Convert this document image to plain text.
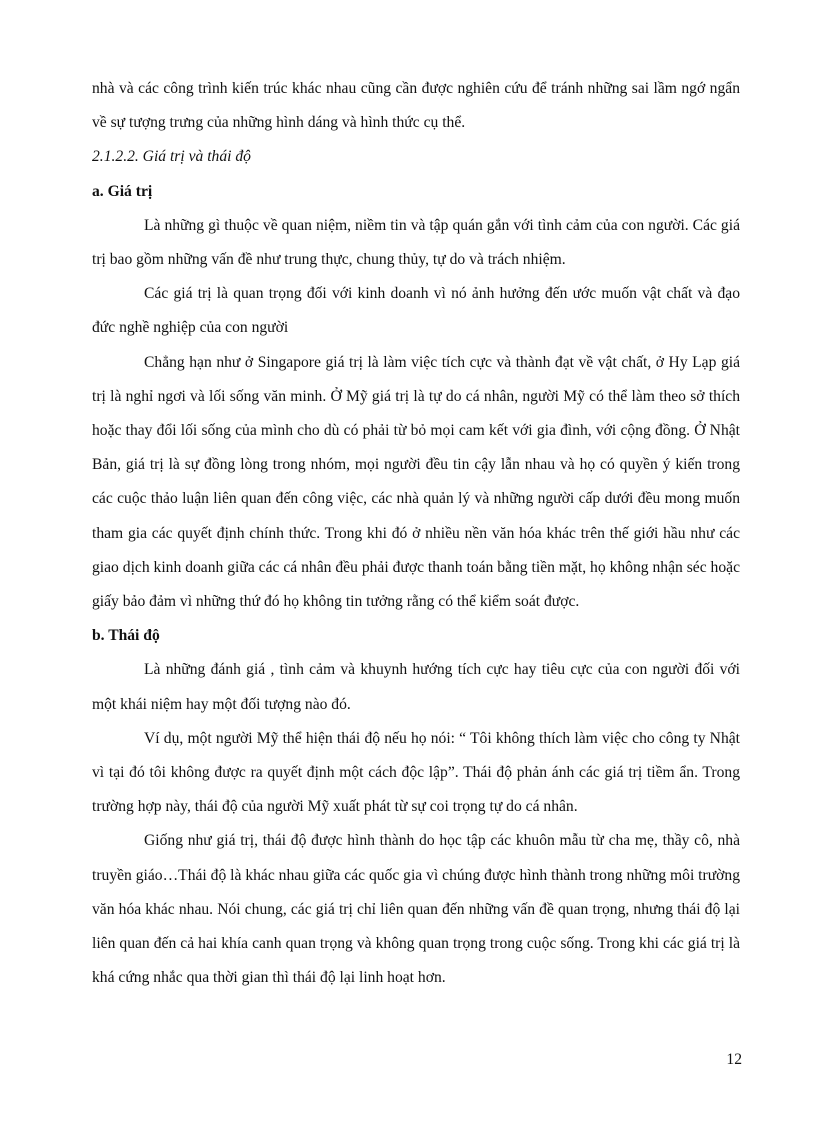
nhà và các công trình kiến trúc khác nhau cũng cần được nghiên cứu để tránh những sai lầm ngớ ngẩn về sự tượng trưng của những hình dáng và hình thức cụ thể.

2.1.2.2. Giá trị và thái độ

a. Giá trị

Là những gì thuộc về quan niệm, niềm tin và tập quán gắn với tình cảm của con người. Các giá trị bao gồm những vấn đề như trung thực, chung thủy, tự do và trách nhiệm.

Các giá trị là quan trọng đối với kinh doanh vì nó ảnh hưởng đến ước muốn vật chất và đạo đức nghề nghiệp của con người

Chẳng hạn như ở Singapore giá trị là làm việc tích cực và thành đạt về vật chất, ở Hy Lạp giá trị là nghỉ ngơi và lối sống văn minh. Ở Mỹ giá trị là tự do cá nhân, người Mỹ có thể làm theo sở thích hoặc thay đổi lối sống của mình cho dù có phải từ bỏ mọi cam kết với gia đình, với cộng đồng. Ở Nhật Bản, giá trị là sự đồng lòng trong nhóm, mọi người đều tin cậy lẫn nhau và họ có quyền ý kiến trong các cuộc thảo luận liên quan đến công việc, các nhà quản lý và những người cấp dưới đều mong muốn tham gia các quyết định chính thức. Trong khi đó ở nhiều nền văn hóa khác trên thế giới hầu như các giao dịch kinh doanh giữa các cá nhân đều phải được thanh toán bằng tiền mặt, họ không nhận séc hoặc giấy bảo đảm vì những thứ đó họ không tin tưởng rằng có thể kiểm soát được.

b. Thái độ

Là những đánh giá , tình cảm và khuynh hướng tích cực hay tiêu cực của con người đối với một khái niệm hay một đối tượng nào đó.

Ví dụ, một người Mỹ thể hiện thái độ nếu họ nói: “ Tôi không thích làm việc cho công ty Nhật vì tại đó tôi không được ra quyết định một cách độc lập”. Thái độ phản ánh các giá trị tiềm ẩn. Trong trường hợp này, thái độ của người Mỹ xuất phát từ sự coi trọng tự do cá nhân.

Giống như giá trị, thái độ được hình thành do học tập các khuôn mẫu từ cha mẹ, thầy cô, nhà truyền giáo…Thái độ là khác nhau giữa các quốc gia vì chúng được hình thành trong những môi trường văn hóa khác nhau. Nói chung, các giá trị chỉ liên quan đến những vấn đề quan trọng, nhưng thái độ lại liên quan đến cả hai khía canh quan trọng và không quan trọng trong cuộc sống. Trong khi các giá trị là khá cứng nhắc qua thời gian thì thái độ lại linh hoạt hơn.

12
